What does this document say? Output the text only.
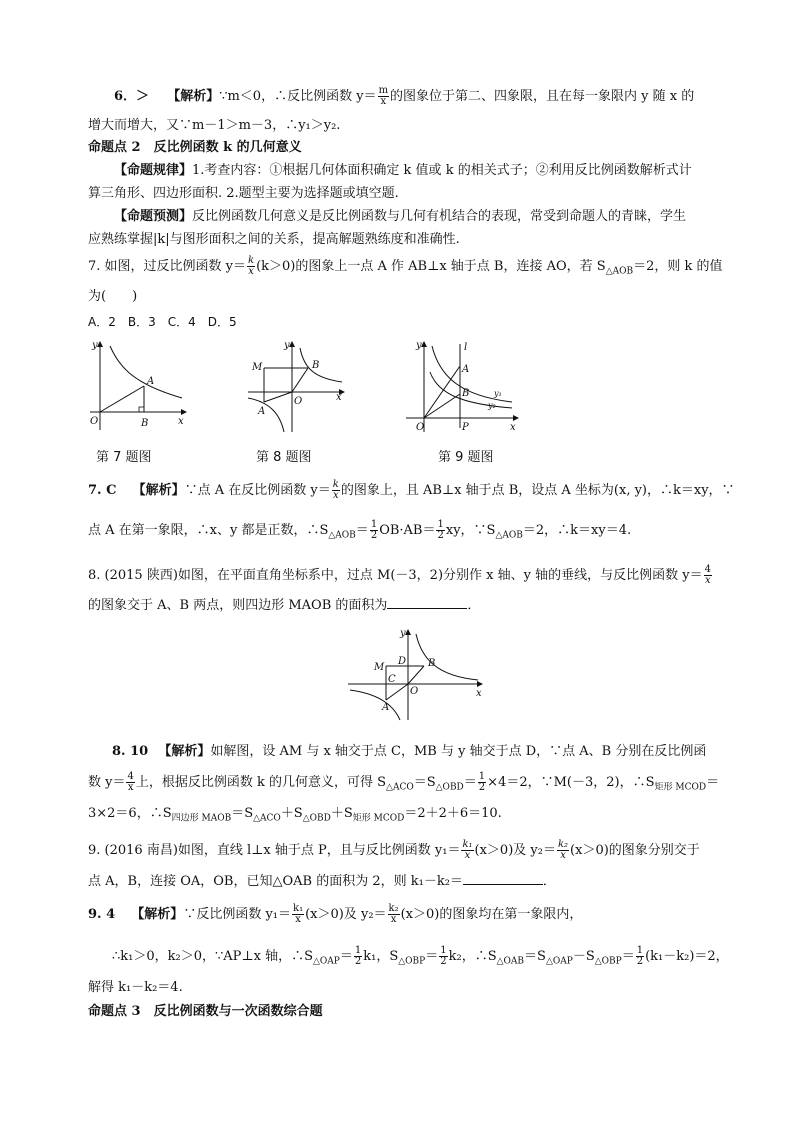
6．＞ 【解析】∵m＜0，∴反比例函数 $y= \frac{m}{x}$ 的图象位于第二、四象限，且在每一象限内 y 随 x 的
增大而增大，又∵m－1＞m－3，∴y₁＞y₂.
命题点 2　反比例函数 k 的几何意义
【命题规律】1.考查内容：①根据几何体面积确定 k 值或 k 的相关式子；②利用反比例函数解析式计
算三角形、四边形面积. 2.题型主要为选择题或填空题.
【命题预测】反比例函数几何意义是反比例函数与几何有机结合的表现，常受到命题人的青睐，学生
应熟练掌握|k|与图形面积之间的关系，提高解题熟练度和准确性.
7. 如图，过反比例函数 $y= \frac{k}{x} (k>0)$的图象上一点 A 作 AB⊥x 轴于点 B，连接 AO，若 $S_{\triangle AOB}=2$，则 k 的值
为(　　)
A．2　B．3　C．4　D．5
y
x
O
A
B
第 7 题图
y
x
M	B
A
O
第 8 题图
y
x
l
A
B
O	P
y₁
y₂
第 9 题图
7. C 【解析】∵点 A 在反比例函数 $y= \frac{k}{x}$ 的图象上，且 AB⊥x 轴于点 B，设点 A 坐标为(x, y)，∴k＝xy，∵
点 A 在第一象限，∴x、y 都是正数，$\therefore S_{\triangle AOB}= \frac{1}{2} OB\cdot AB= \frac{1}{2}$ xy，$\because S_{\triangle AOB}=2$，∴k＝xy＝4.
8. (2015 陕西)如图，在平面直角坐标系中，过点 M(－3，2)分别作 x 轴、y 轴的垂线，与反比例函数 $y= \frac{4}{x}$
的图象交于 A、B 两点，则四边形 MAOB 的面积为	．
y
x
M
D B
C
O
A
8. 10 【解析】如解图，设 AM 与 x 轴交于点 C，MB 与 y 轴交于点 D，∵点 A、B 分别在反比例函
数 $y= \frac{4}{x}$ 上，根据反比例函数 k 的几何意义，可得 $S_{\triangle ACO}=S_{\triangle OBD}= \frac{1}{2} \times 4=2$，∵M(－3，2)，$\therefore S_{矩形 MCOD}=$
3×2＝6，$\therefore S_{四边形 MAOB}=S_{\triangle ACO}+S_{\triangle OBD}+S_{矩形 MCOD}=2+2+6=10$.
9. (2016 南昌)如图，直线 l⊥x 轴于点 P，且与反比例函数 $y_1= \frac{\text{k₁}}{x} (x>0)$及 $y_2= \frac{\text{k₂}}{x} (x>0)$的图象分别交于
点 A，B，连接 OA，OB，已知△OAB 的面积为 2，则 k₁－k₂＝	．
9. 4 【解析】∵反比例函数 $y_1= \frac{\text{k₁}}{x} (x>0)$及 $y_2= \frac{\text{k₂}}{x} (x>0)$的图象均在第一象限内，
∴k₁＞0，k₂＞0，∵AP⊥x 轴，$\therefore S_{\triangle OAP}= \frac{1}{2} k_1$，$S_{\triangle OBP}= \frac{1}{2} k_2$，$\therefore S_{\triangle OAB}=S_{\triangle OAP}-S_{\triangle OBP}= \frac{1}{2} (k_1-k_2)=2$，
解得 k₁－k₂＝4.
命题点 3　反比例函数与一次函数综合题
